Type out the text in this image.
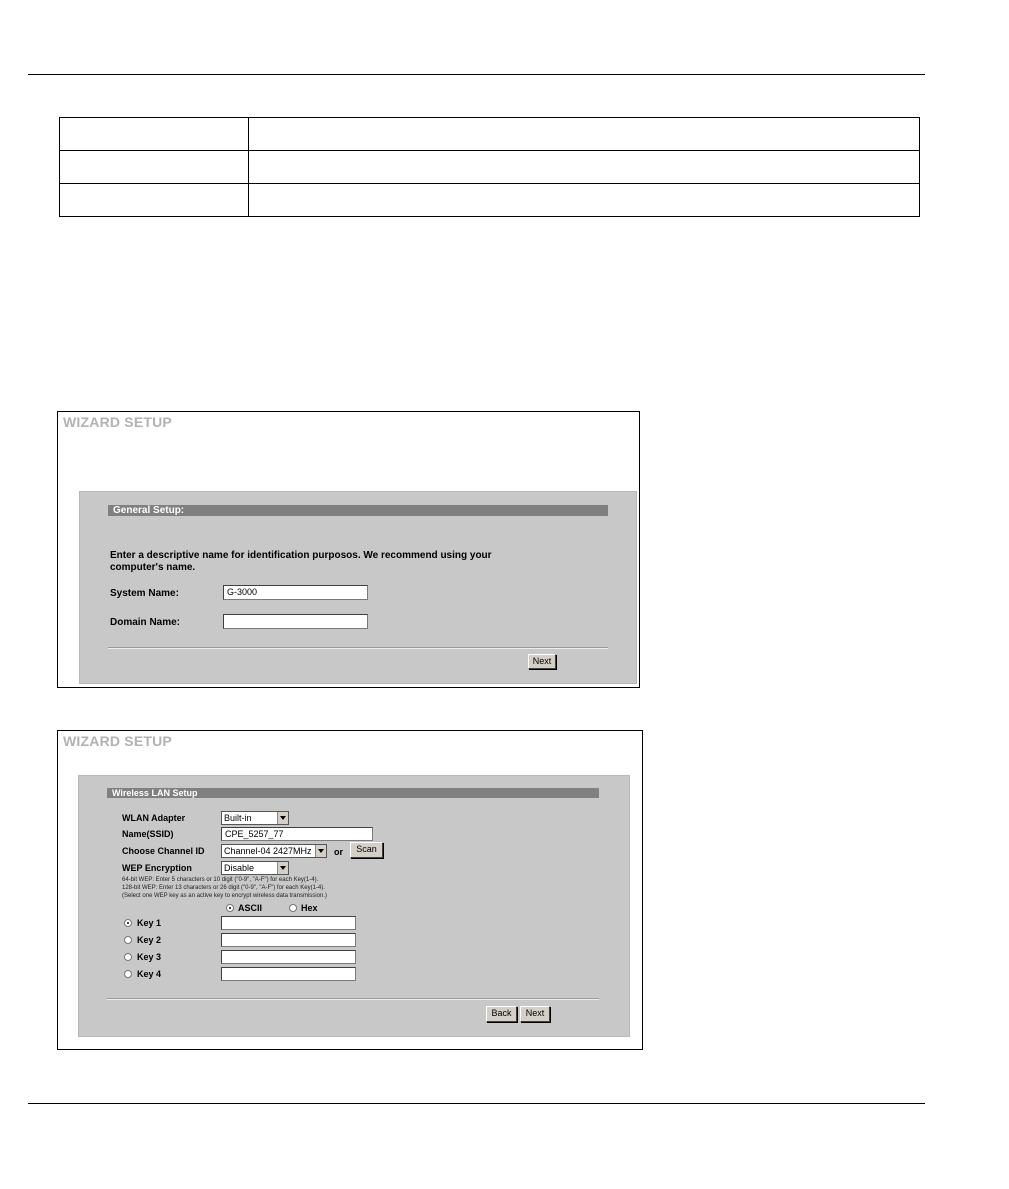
WIZARD SETUP
General Setup:
Enter a descriptive name for identification purposos. We recommend using your
computer's name.
System Name:	G-3000
Domain Name:
Next
WIZARD SETUP
Wireless LAN Setup
WLAN Adapter	Built-in
Name(SSID)	CPE_5257_77
Choose Channel ID	Channel-04 2427MHz	or	Scan
WEP Encryption	Disable
64-bit WEP: Enter 5 characters or 10 digit ("0-9", "A-F") for each Key(1-4).
128-bit WEP: Enter 13 characters or 26 digit ("0-9", "A-F") for each Key(1-4).
(Select one WEP key as an active key to encrypt wireless data transmission.)
ASCII	Hex
Key 1
Key 2
Key 3
Key 4
Back	Next
